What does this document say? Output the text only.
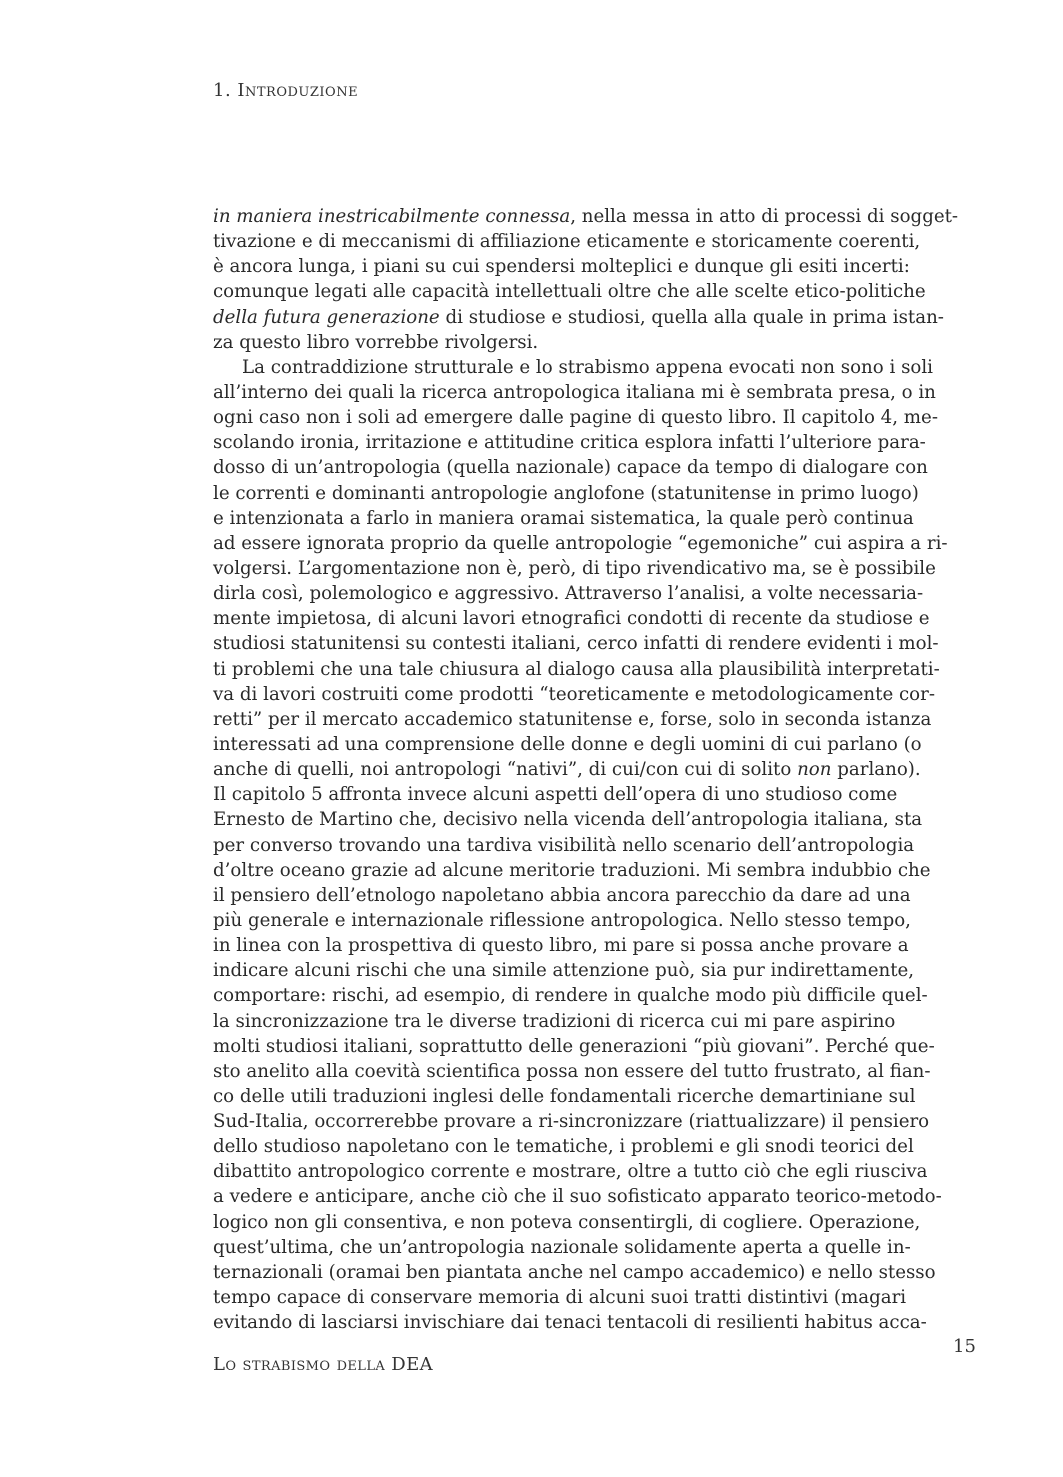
1. Introduzione
in maniera inestricabilmente connessa, nella messa in atto di processi di sogget-
tivazione e di meccanismi di affiliazione eticamente e storicamente coerenti,
è ancora lunga, i piani su cui spendersi molteplici e dunque gli esiti incerti:
comunque legati alle capacità intellettuali oltre che alle scelte etico-politiche
della futura generazione di studiose e studiosi, quella alla quale in prima istan-
za questo libro vorrebbe rivolgersi.
La contraddizione strutturale e lo strabismo appena evocati non sono i soli
all’interno dei quali la ricerca antropologica italiana mi è sembrata presa, o in
ogni caso non i soli ad emergere dalle pagine di questo libro. Il capitolo 4, me-
scolando ironia, irritazione e attitudine critica esplora infatti l’ulteriore para-
dosso di un’antropologia (quella nazionale) capace da tempo di dialogare con
le correnti e dominanti antropologie anglofone (statunitense in primo luogo)
e intenzionata a farlo in maniera oramai sistematica, la quale però continua
ad essere ignorata proprio da quelle antropologie “egemoniche” cui aspira a ri-
volgersi. L’argomentazione non è, però, di tipo rivendicativo ma, se è possibile
dirla così, polemologico e aggressivo. Attraverso l’analisi, a volte necessaria-
mente impietosa, di alcuni lavori etnografici condotti di recente da studiose e
studiosi statunitensi su contesti italiani, cerco infatti di rendere evidenti i mol-
ti problemi che una tale chiusura al dialogo causa alla plausibilità interpretati-
va di lavori costruiti come prodotti “teoreticamente e metodologicamente cor-
retti” per il mercato accademico statunitense e, forse, solo in seconda istanza
interessati ad una comprensione delle donne e degli uomini di cui parlano (o
anche di quelli, noi antropologi “nativi”, di cui/con cui di solito non parlano).
Il capitolo 5 affronta invece alcuni aspetti dell’opera di uno studioso come
Ernesto de Martino che, decisivo nella vicenda dell’antropologia italiana, sta
per converso trovando una tardiva visibilità nello scenario dell’antropologia
d’oltre oceano grazie ad alcune meritorie traduzioni. Mi sembra indubbio che
il pensiero dell’etnologo napoletano abbia ancora parecchio da dare ad una
più generale e internazionale riflessione antropologica. Nello stesso tempo,
in linea con la prospettiva di questo libro, mi pare si possa anche provare a
indicare alcuni rischi che una simile attenzione può, sia pur indirettamente,
comportare: rischi, ad esempio, di rendere in qualche modo più difficile quel-
la sincronizzazione tra le diverse tradizioni di ricerca cui mi pare aspirino
molti studiosi italiani, soprattutto delle generazioni “più giovani”. Perché que-
sto anelito alla coevità scientifica possa non essere del tutto frustrato, al fian-
co delle utili traduzioni inglesi delle fondamentali ricerche demartiniane sul
Sud-Italia, occorrerebbe provare a ri-sincronizzare (riattualizzare) il pensiero
dello studioso napoletano con le tematiche, i problemi e gli snodi teorici del
dibattito antropologico corrente e mostrare, oltre a tutto ciò che egli riusciva
a vedere e anticipare, anche ciò che il suo sofisticato apparato teorico-metodo-
logico non gli consentiva, e non poteva consentirgli, di cogliere. Operazione,
quest’ultima, che un’antropologia nazionale solidamente aperta a quelle in-
ternazionali (oramai ben piantata anche nel campo accademico) e nello stesso
tempo capace di conservare memoria di alcuni suoi tratti distintivi (magari
evitando di lasciarsi invischiare dai tenaci tentacoli di resilienti habitus acca-
Lo strabismo della DEA
15
